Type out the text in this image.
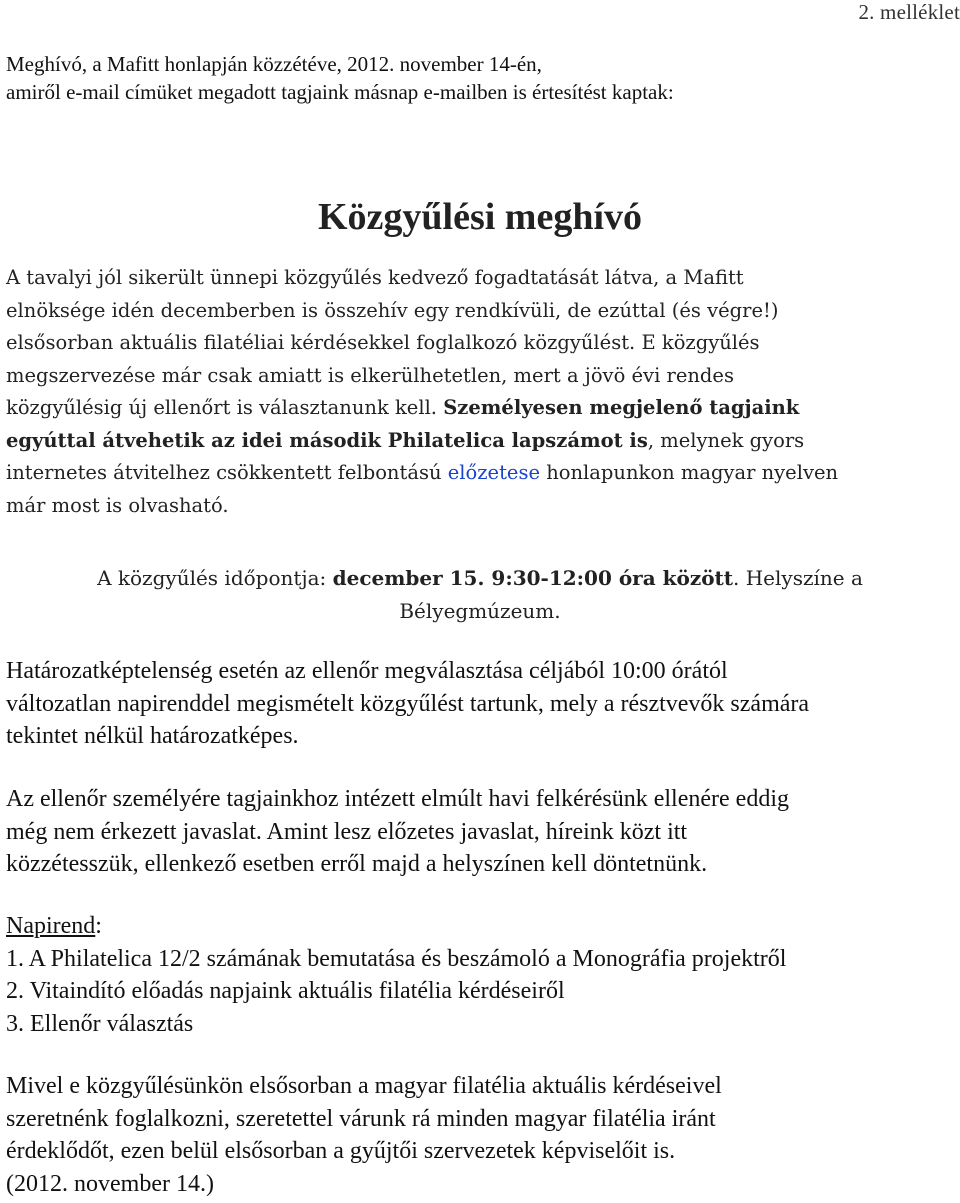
2. melléklet
Meghívó, a Mafitt honlapján közzétéve, 2012. november 14-én,
amiről e-mail címüket megadott tagjaink másnap e-mailben is értesítést kaptak:
Közgyűlési meghívó
A tavalyi jól sikerült ünnepi közgyűlés kedvező fogadtatását látva, a Mafitt
elnöksége idén decemberben is összehív egy rendkívüli, de ezúttal (és végre!)
elsősorban aktuális filatéliai kérdésekkel foglalkozó közgyűlést. E közgyűlés
megszervezése már csak amiatt is elkerülhetetlen, mert a jövö évi rendes
közgyűlésig új ellenőrt is választanunk kell. Személyesen megjelenő tagjaink
egyúttal átvehetik az idei második Philatelica lapszámot is, melynek gyors
internetes átvitelhez csökkentett felbontású előzetese honlapunkon magyar nyelven
már most is olvasható.
A közgyűlés időpontja: december 15. 9:30-12:00 óra között. Helyszíne a
Bélyegmúzeum.
Határozatképtelenség esetén az ellenőr megválasztása céljából 10:00 órától
változatlan napirenddel megismételt közgyűlést tartunk, mely a résztvevők számára
tekintet nélkül határozatképes.
Az ellenőr személyére tagjainkhoz intézett elmúlt havi felkérésünk ellenére eddig
még nem érkezett javaslat. Amint lesz előzetes javaslat, híreink közt itt
közzétesszük, ellenkező esetben erről majd a helyszínen kell döntetnünk.
Napirend:
1. A Philatelica 12/2 számának bemutatása és beszámoló a Monográfia projektről
2. Vitaindító előadás napjaink aktuális filatélia kérdéseiről
3. Ellenőr választás
Mivel e közgyűlésünkön elsősorban a magyar filatélia aktuális kérdéseivel
szeretnénk foglalkozni, szeretettel várunk rá minden magyar filatélia iránt
érdeklődőt, ezen belül elsősorban a gyűjtői szervezetek képviselőit is.
(2012. november 14.)
